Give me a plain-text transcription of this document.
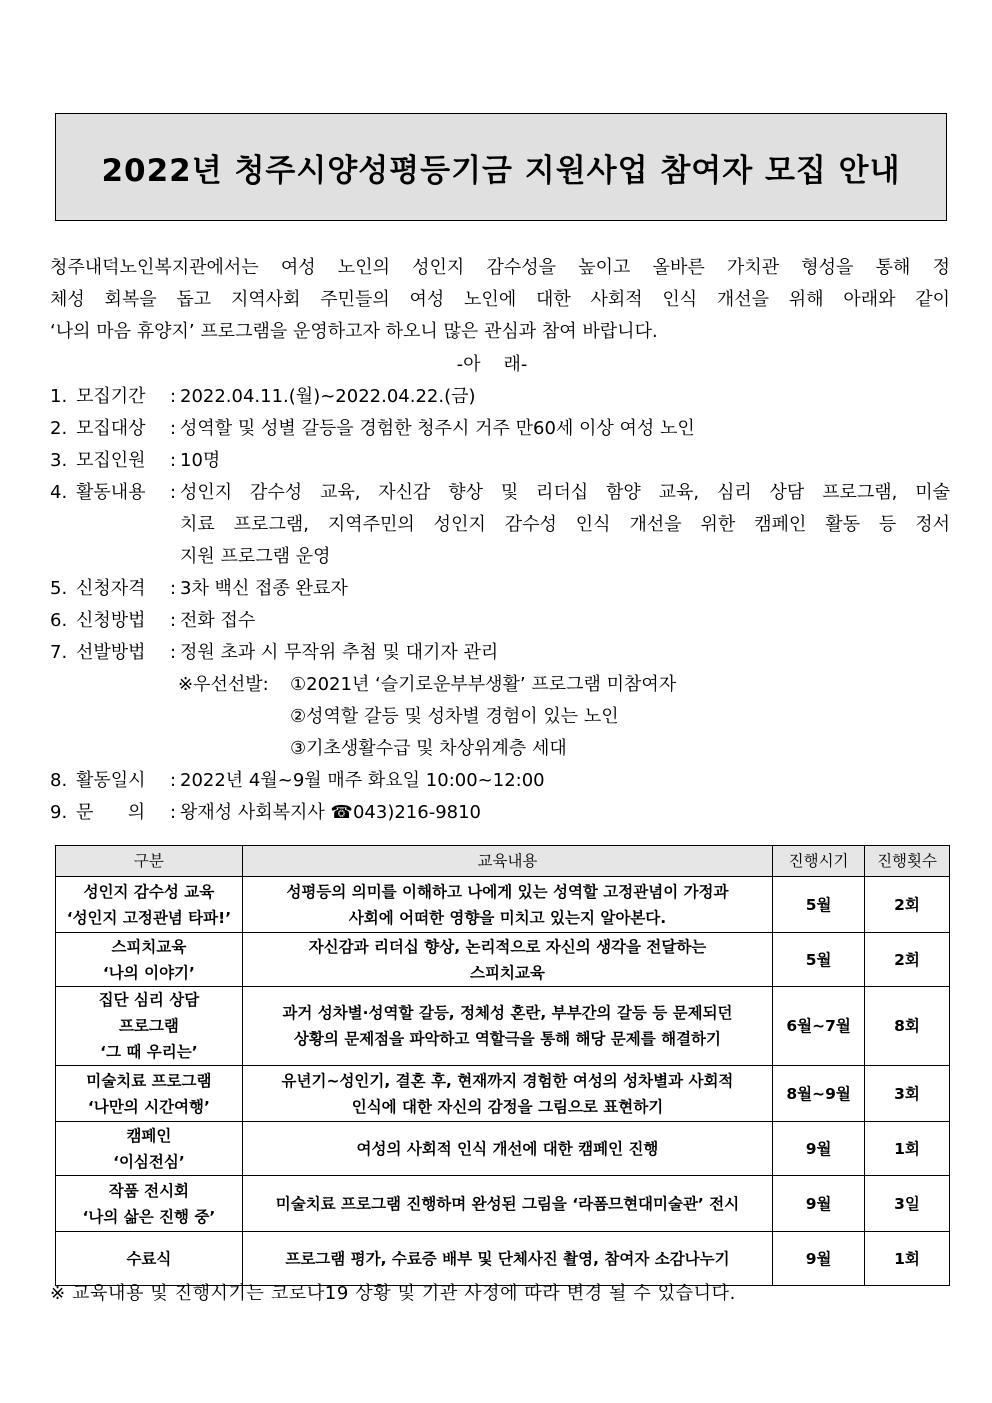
2022년 청주시양성평등기금 지원사업 참여자 모집 안내
청주내덕노인복지관에서는 여성 노인의 성인지 감수성을 높이고 올바른 가치관 형성을 통해 정
체성 회복을 돕고 지역사회 주민들의 여성 노인에 대한 사회적 인식 개선을 위해 아래와 같이
‘나의 마음 휴양지’ 프로그램을 운영하고자 하오니 많은 관심과 참여 바랍니다.
-아    래-
1. 모집기간 : 2022.04.11.(월)~2022.04.22.(금)
2. 모집대상 : 성역할 및 성별 갈등을 경험한 청주시 거주 만60세 이상 여성 노인
3. 모집인원 : 10명
4. 활동내용 : 성인지 감수성 교육, 자신감 향상 및 리더십 함양 교육, 심리 상담 프로그램, 미술
치료 프로그램, 지역주민의 성인지 감수성 인식 개선을 위한 캠페인 활동 등 정서
지원 프로그램 운영
5. 신청자격 : 3차 백신 접종 완료자
6. 신청방법 : 전화 접수
7. 선발방법 : 정원 초과 시 무작위 추첨 및 대기자 관리
※우선선발: ①2021년 ‘슬기로운부부생활’ 프로그램 미참여자
②성역할 갈등 및 성차별 경험이 있는 노인
③기초생활수급 및 차상위계층 세대
8. 활동일시 : 2022년 4월~9월 매주 화요일 10:00~12:00
9. 문      의 : 왕재성 사회복지사 ☎043)216-9810
구분	교육내용	진행시기	진행횟수

성인지 감수성 교육
‘성인지 고정관념 타파!’	성평등의 의미를 이해하고 나에게 있는 성역할 고정관념이 가정과
사회에 어떠한 영향을 미치고 있는지 알아본다.	5월	2회

스피치교육
‘나의 이야기’	자신감과 리더십 향상, 논리적으로 자신의 생각을 전달하는
스피치교육	5월	2회

집단 심리 상담
프로그램
‘그 때 우리는’	과거 성차별·성역할 갈등, 정체성 혼란, 부부간의 갈등 등 문제되던
상황의 문제점을 파악하고 역할극을 통해 해당 문제를 해결하기	6월~7월	8회

미술치료 프로그램
‘나만의 시간여행’	유년기~성인기, 결혼 후, 현재까지 경험한 여성의 성차별과 사회적
인식에 대한 자신의 감정을 그림으로 표현하기	8월~9월	3회

캠페인
‘이심전심’	여성의 사회적 인식 개선에 대한 캠페인 진행	9월	1회

작품 전시회
‘나의 삶은 진행 중’	미술치료 프로그램 진행하며 완성된 그림을 ‘라폼므현대미술관’ 전시	9월	3일

수료식	프로그램 평가, 수료증 배부 및 단체사진 촬영, 참여자 소감나누기	9월	1회
※ 교육내용 및 진행시기는 코로나19 상황 및 기관 사정에 따라 변경 될 수 있습니다.
